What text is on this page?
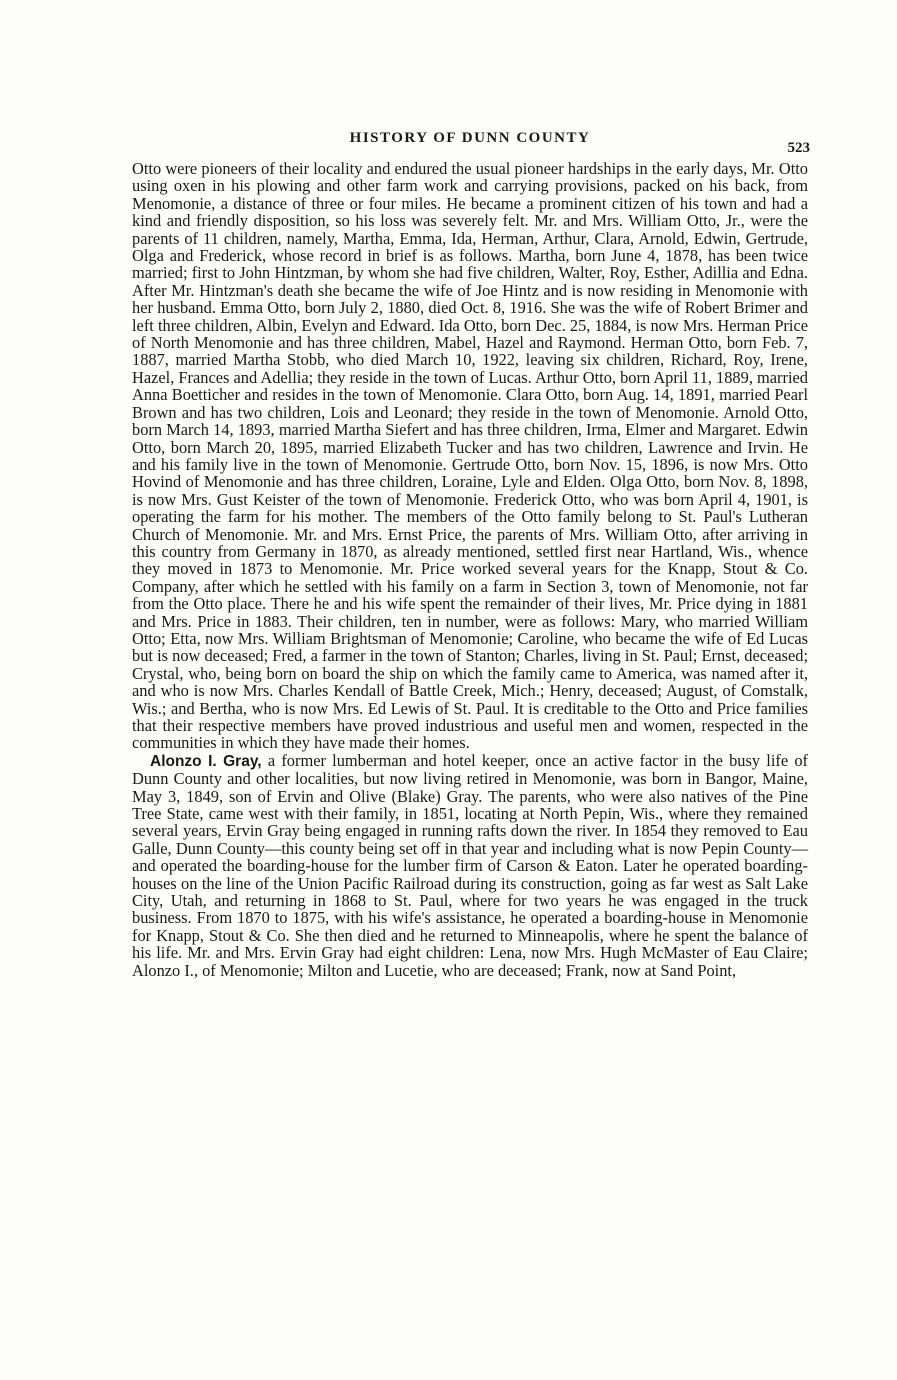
HISTORY OF DUNN COUNTY
523

Otto were pioneers of their locality and endured the usual pioneer hardships in the early days, Mr. Otto using oxen in his plowing and other farm work and carrying provisions, packed on his back, from Menomonie, a distance of three or four miles. He became a prominent citizen of his town and had a kind and friendly disposition, so his loss was severely felt. Mr. and Mrs. William Otto, Jr., were the parents of 11 children, namely, Martha, Emma, Ida, Herman, Arthur, Clara, Arnold, Edwin, Gertrude, Olga and Frederick, whose record in brief is as follows. Martha, born June 4, 1878, has been twice married; first to John Hintzman, by whom she had five children, Walter, Roy, Esther, Adillia and Edna. After Mr. Hintzman's death she became the wife of Joe Hintz and is now residing in Menomonie with her husband. Emma Otto, born July 2, 1880, died Oct. 8, 1916. She was the wife of Robert Brimer and left three children, Albin, Evelyn and Edward. Ida Otto, born Dec. 25, 1884, is now Mrs. Herman Price of North Menomonie and has three children, Mabel, Hazel and Raymond. Herman Otto, born Feb. 7, 1887, married Martha Stobb, who died March 10, 1922, leaving six children, Richard, Roy, Irene, Hazel, Frances and Adellia; they reside in the town of Lucas. Arthur Otto, born April 11, 1889, married Anna Boetticher and resides in the town of Menomonie. Clara Otto, born Aug. 14, 1891, married Pearl Brown and has two children, Lois and Leonard; they reside in the town of Menomonie. Arnold Otto, born March 14, 1893, married Martha Siefert and has three children, Irma, Elmer and Margaret. Edwin Otto, born March 20, 1895, married Elizabeth Tucker and has two children, Lawrence and Irvin. He and his family live in the town of Menomonie. Gertrude Otto, born Nov. 15, 1896, is now Mrs. Otto Hovind of Menomonie and has three children, Loraine, Lyle and Elden. Olga Otto, born Nov. 8, 1898, is now Mrs. Gust Keister of the town of Menomonie. Frederick Otto, who was born April 4, 1901, is operating the farm for his mother. The members of the Otto family belong to St. Paul's Lutheran Church of Menomonie. Mr. and Mrs. Ernst Price, the parents of Mrs. William Otto, after arriving in this country from Germany in 1870, as already mentioned, settled first near Hartland, Wis., whence they moved in 1873 to Menomonie. Mr. Price worked several years for the Knapp, Stout & Co. Company, after which he settled with his family on a farm in Section 3, town of Menomonie, not far from the Otto place. There he and his wife spent the remainder of their lives, Mr. Price dying in 1881 and Mrs. Price in 1883. Their children, ten in number, were as follows: Mary, who married William Otto; Etta, now Mrs. William Brightsman of Menomonie; Caroline, who became the wife of Ed Lucas but is now deceased; Fred, a farmer in the town of Stanton; Charles, living in St. Paul; Ernst, deceased; Crystal, who, being born on board the ship on which the family came to America, was named after it, and who is now Mrs. Charles Kendall of Battle Creek, Mich.; Henry, deceased; August, of Comstalk, Wis.; and Bertha, who is now Mrs. Ed Lewis of St. Paul. It is creditable to the Otto and Price families that their respective members have proved industrious and useful men and women, respected in the communities in which they have made their homes.

Alonzo I. Gray, a former lumberman and hotel keeper, once an active factor in the busy life of Dunn County and other localities, but now living retired in Menomonie, was born in Bangor, Maine, May 3, 1849, son of Ervin and Olive (Blake) Gray. The parents, who were also natives of the Pine Tree State, came west with their family, in 1851, locating at North Pepin, Wis., where they remained several years, Ervin Gray being engaged in running rafts down the river. In 1854 they removed to Eau Galle, Dunn County—this county being set off in that year and including what is now Pepin County—and operated the boarding-house for the lumber firm of Carson & Eaton. Later he operated boarding-houses on the line of the Union Pacific Railroad during its construction, going as far west as Salt Lake City, Utah, and returning in 1868 to St. Paul, where for two years he was engaged in the truck business. From 1870 to 1875, with his wife's assistance, he operated a boarding-house in Menomonie for Knapp, Stout & Co. She then died and he returned to Minneapolis, where he spent the balance of his life. Mr. and Mrs. Ervin Gray had eight children: Lena, now Mrs. Hugh McMaster of Eau Claire; Alonzo I., of Menomonie; Milton and Lucetie, who are deceased; Frank, now at Sand Point,
